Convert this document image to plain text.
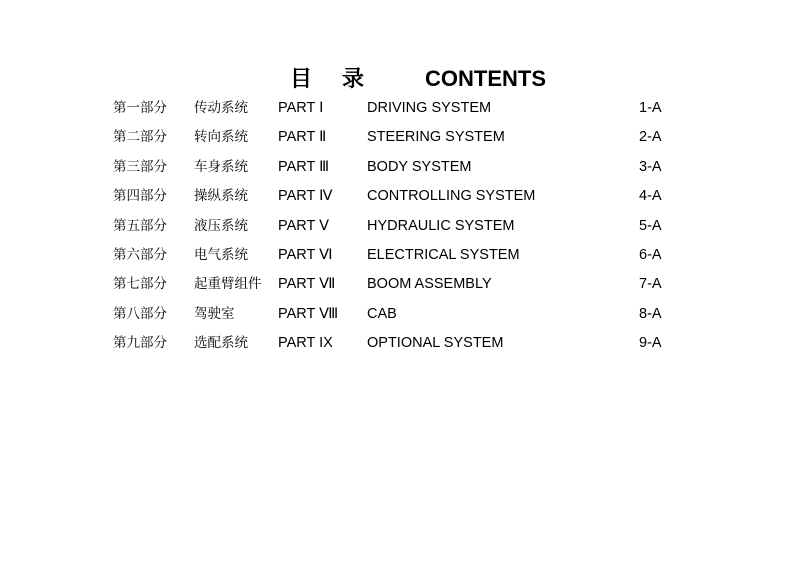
目录 CONTENTS
第一部分 传动系统 PART Ⅰ	DRIVING SYSTEM	1-A
第二部分 转向系统 PART Ⅱ	STEERING SYSTEM	2-A
第三部分 车身系统 PART Ⅲ	BODY SYSTEM	3-A
第四部分 操纵系统 PART Ⅳ CONTROLLING SYSTEM	4-A
第五部分 液压系统 PART Ⅴ	HYDRAULIC SYSTEM	5-A
第六部分 电气系统 PART Ⅵ ELECTRICAL SYSTEM	6-A
第七部分 起重臂组件 PART Ⅶ BOOM ASSEMBLY	7-A
第八部分 驾驶室	PART Ⅷ CAB	8-A
第九部分 选配系统 PART IX OPTIONAL SYSTEM	9-A
